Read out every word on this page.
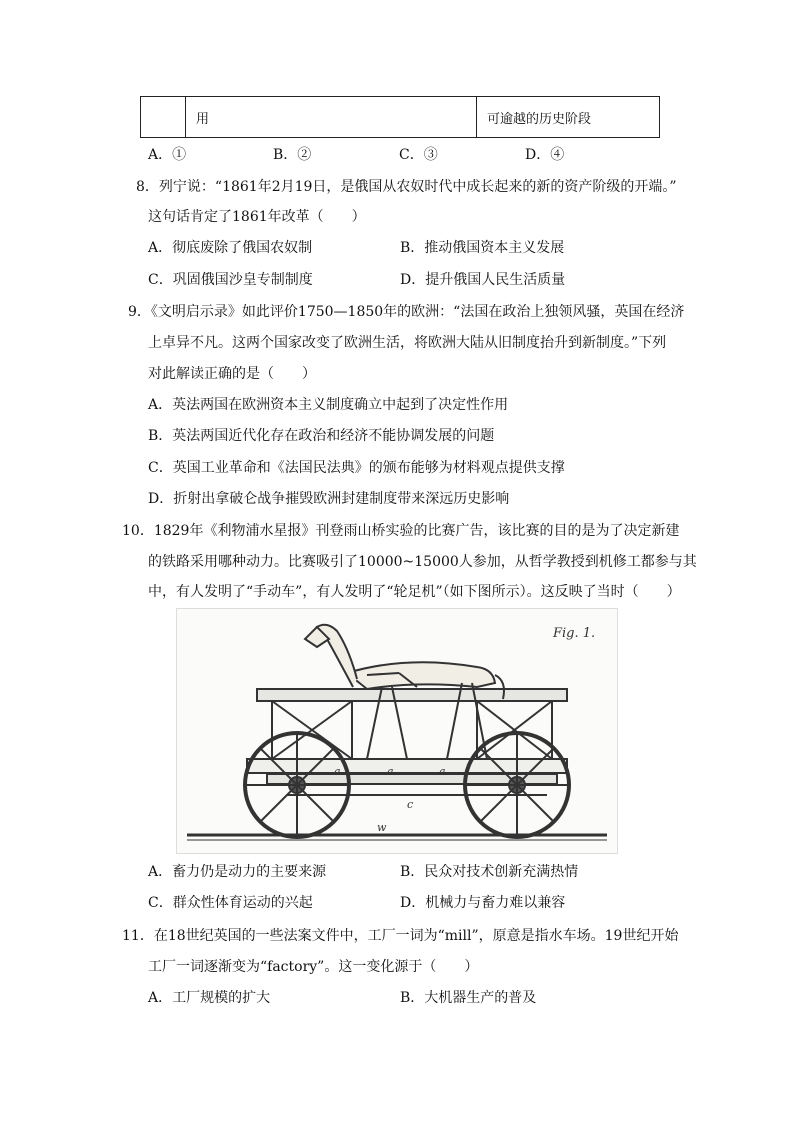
	用	可逾越的历史阶段
A．①	B．②	C．③	D．④
8．列宁说：“1861年2月19日，是俄国从农奴时代中成长起来的新的资产阶级的开端。”
这句话肯定了1861年改革（　　）
A．彻底废除了俄国农奴制	B．推动俄国资本主义发展
C．巩固俄国沙皇专制制度	D．提升俄国人民生活质量
9．《文明启示录》如此评价1750—1850年的欧洲：“法国在政治上独领风骚，英国在经济
上卓异不凡。这两个国家改变了欧洲生活，将欧洲大陆从旧制度抬升到新制度。”下列
对此解读正确的是（　　）
A．英法两国在欧洲资本主义制度确立中起到了决定性作用
B．英法两国近代化存在政治和经济不能协调发展的问题
C．英国工业革命和《法国民法典》的颁布能够为材料观点提供支撑
D．折射出拿破仑战争摧毁欧洲封建制度带来深远历史影响
10．1829年《利物浦水星报》刊登雨山桥实验的比赛广告，该比赛的目的是为了决定新建
的铁路采用哪种动力。比赛吸引了10000~15000人参加，从哲学教授到机修工都参与其
中，有人发明了“手动车”，有人发明了“轮足机”（如下图所示）。这反映了当时（　　）
Fig. 1.
a	a	a
c
w
A．畜力仍是动力的主要来源	B．民众对技术创新充满热情
C．群众性体育运动的兴起	D．机械力与畜力难以兼容
11．在18世纪英国的一些法案文件中，工厂一词为“mill”，原意是指水车场。19世纪开始
工厂一词逐渐变为“factory”。这一变化源于（　　）
A．工厂规模的扩大	B．大机器生产的普及
